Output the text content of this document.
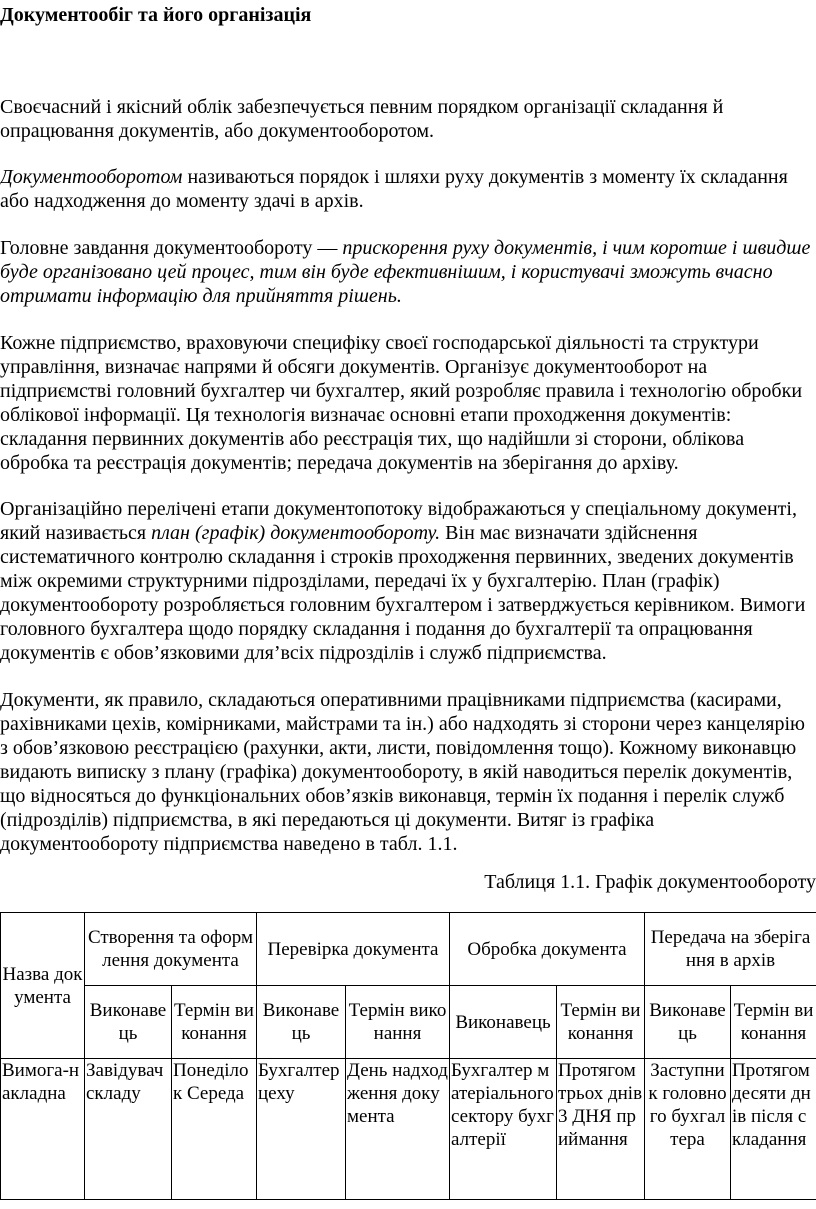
Документообіг та його організація

Своєчасний і якісний облік забезпечується певним порядком організації складання й опрацювання документів, або документооборотом.

Документооборотом називаються порядок і шляхи руху документів з моменту їх складання або надходження до моменту здачі в архів.

Головне завдання документообороту — прискорення руху документів, і чим коротше і швидше буде організовано цей процес, тим він буде ефективнішим, і користувачі зможуть вчасно отримати інформацію для прийняття рішень.

Кожне підприємство, враховуючи специфіку своєї господарської діяльності та структури управління, визначає напрями й обсяги документів. Організує документооборот на підприємстві головний бухгалтер чи бухгалтер, який розробляє правила і технологію обробки облікової інформації. Ця технологія визначає основні етапи проходження документів: складання первинних документів або реєстрація тих, що надійшли зі сторони, облікова обробка та реєстрація документів; передача документів на зберігання до архіву.

Організаційно перелічені етапи документопотоку відображаються у спеціальному документі, який називається план (графік) документообороту. Він має визначати здійснення систематичного контролю складання і строків проходження первинних, зведених документів між окремими структурними підрозділами, передачі їх у бухгалтерію. План (графік) документообороту розробляється головним бухгалтером і затверджується керівником. Вимоги головного бухгалтера щодо порядку складання і подання до бухгалтерії та опрацювання документів є обов’язковими для’всіх підрозділів і служб підприємства.

Документи, як правило, складаються оперативними працівниками підприємства (касирами, рахівниками цехів, комірниками, майстрами та ін.) або надходять зі сторони через канцелярію з обов’язковою реєстрацією (рахунки, акти, листи, повідомлення тощо). Кожному виконавцю видають виписку з плану (графіка) документообороту, в якій наводиться перелік документів, що відносяться до функціональних обов’язків виконавця, термін їх подання і перелік служб (підрозділів) підприємства, в які передаються ці документи. Витяг із графіка документообороту підприємства наведено в табл. 1.1.

Таблиця 1.1. Графік документообороту
Назва документа	Створення та оформлення документа		Перевірка документа		Обробка документа		Передача на зберігання в архів	
	Виконавець	Термін виконання	Виконавець	Термін виконання	Виконавець	Термін виконання	Виконавець	Термін виконання
Вимога-накладна	Завідувач складу	Понеділок Середа	Бухгалтер цеху	День надходження документа	Бухгалтер матеріального сектору бухгалтерії	Протягом трьох днів 3 ДНЯ приймання	Заступник головного бухгалтера	Протягом десяти днів після складання
